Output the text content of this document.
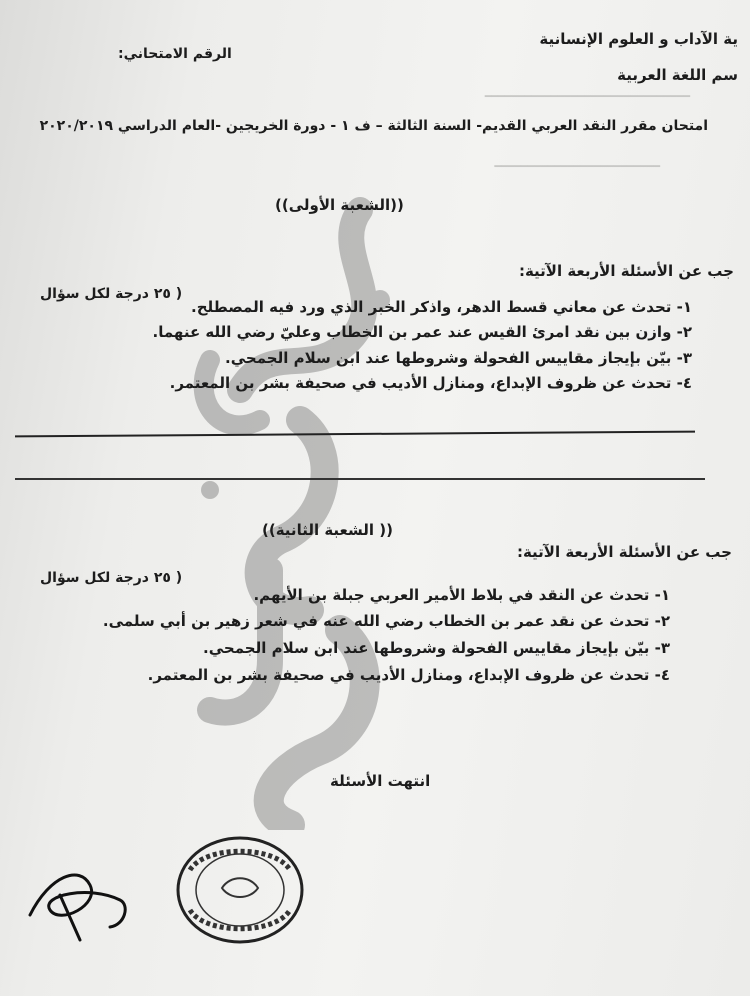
━━━━━━━━━━━━━━━━━━━━━━━━━━━━━━━
━━━━━━━━━━━━━━━━━━━━━━━━━
ية الآداب و العلوم الإنسانية
سم اللغة العربية
الرقم الامتحاني:
امتحان مقرر النقد العربي القديم- السنة الثالثة – ف ١ - دورة الخريجين -العام الدراسي ٢٠٢٠/٢٠١٩
((الشعبة الأولى))
جب عن الأسئلة الأربعة الآتية:
( ٢٥ درجة لكل سؤال
١- تحدث عن معاني قسط الدهر، واذكر الخبر الذي ورد فيه المصطلح.
٢- وازن بين نقد امرئ القيس عند عمر بن الخطاب وعليّ رضي الله عنهما.
٣- بيّن بإيجاز مقاييس الفحولة وشروطها عند ابن سلام الجمحي.
٤- تحدث عن ظروف الإبداع، ومنازل الأديب في صحيفة بشر بن المعتمر.
(( الشعبة الثانية))
جب عن الأسئلة الأربعة الآتية:
( ٢٥ درجة لكل سؤال
١- تحدث عن النقد في بلاط الأمير العربي جبلة بن الأيهم.
٢- تحدث عن نقد عمر بن الخطاب رضي الله عنه في شعر زهير بن أبي سلمى.
٣- بيّن بإيجاز مقاييس الفحولة وشروطها عند ابن سلام الجمحي.
٤- تحدث عن ظروف الإبداع، ومنازل الأديب في صحيفة بشر بن المعتمر.
انتهت الأسئلة
